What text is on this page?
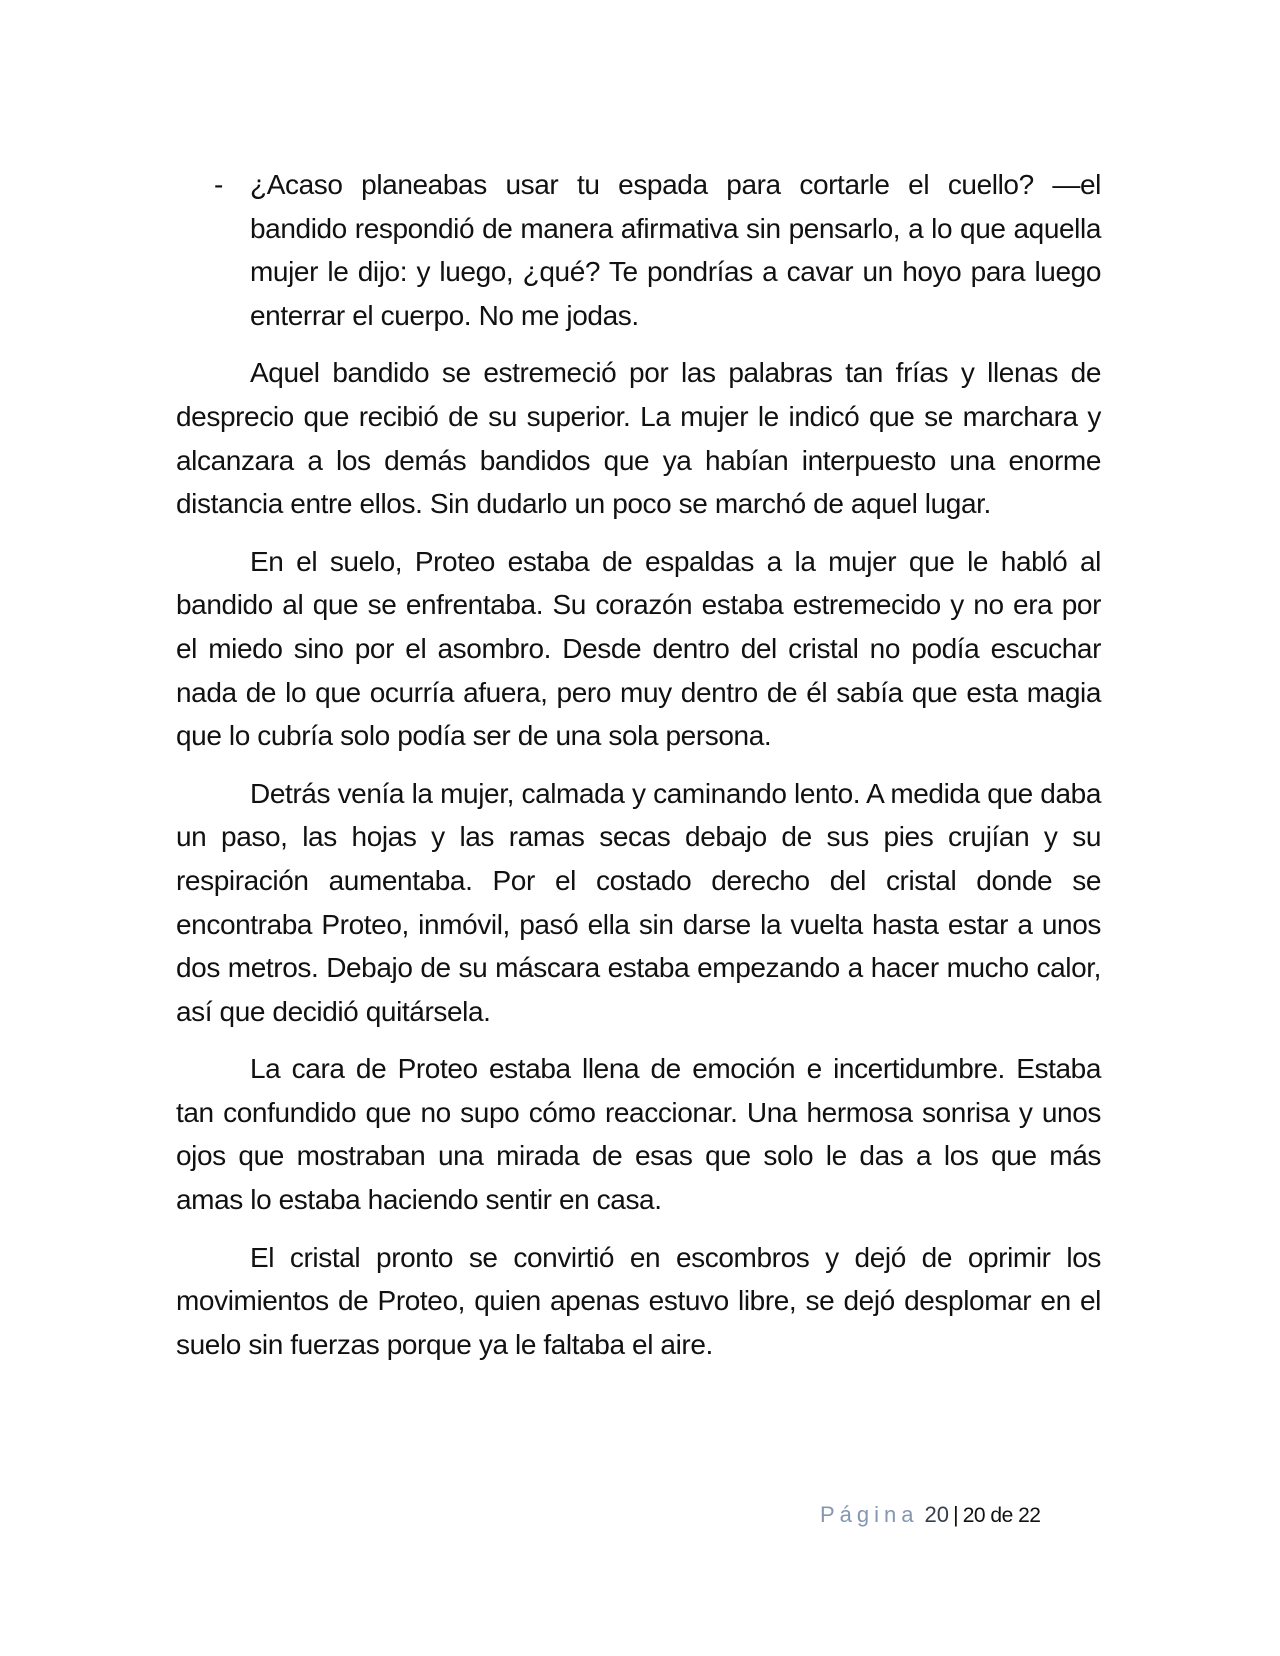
- ¿Acaso planeabas usar tu espada para cortarle el cuello? —el bandido respondió de manera afirmativa sin pensarlo, a lo que aquella mujer le dijo: y luego, ¿qué? Te pondrías a cavar un hoyo para luego enterrar el cuerpo. No me jodas.

Aquel bandido se estremeció por las palabras tan frías y llenas de desprecio que recibió de su superior. La mujer le indicó que se marchara y alcanzara a los demás bandidos que ya habían interpuesto una enorme distancia entre ellos. Sin dudarlo un poco se marchó de aquel lugar.

En el suelo, Proteo estaba de espaldas a la mujer que le habló al bandido al que se enfrentaba. Su corazón estaba estremecido y no era por el miedo sino por el asombro. Desde dentro del cristal no podía escuchar nada de lo que ocurría afuera, pero muy dentro de él sabía que esta magia que lo cubría solo podía ser de una sola persona.

Detrás venía la mujer, calmada y caminando lento. A medida que daba un paso, las hojas y las ramas secas debajo de sus pies crujían y su respiración aumentaba. Por el costado derecho del cristal donde se encontraba Proteo, inmóvil, pasó ella sin darse la vuelta hasta estar a unos dos metros. Debajo de su máscara estaba empezando a hacer mucho calor, así que decidió quitársela.

La cara de Proteo estaba llena de emoción e incertidumbre. Estaba tan confundido que no supo cómo reaccionar. Una hermosa sonrisa y unos ojos que mostraban una mirada de esas que solo le das a los que más amas lo estaba haciendo sentir en casa.

El cristal pronto se convirtió en escombros y dejó de oprimir los movimientos de Proteo, quien apenas estuvo libre, se dejó desplomar en el suelo sin fuerzas porque ya le faltaba el aire.

Página 20 | 20 de 22
